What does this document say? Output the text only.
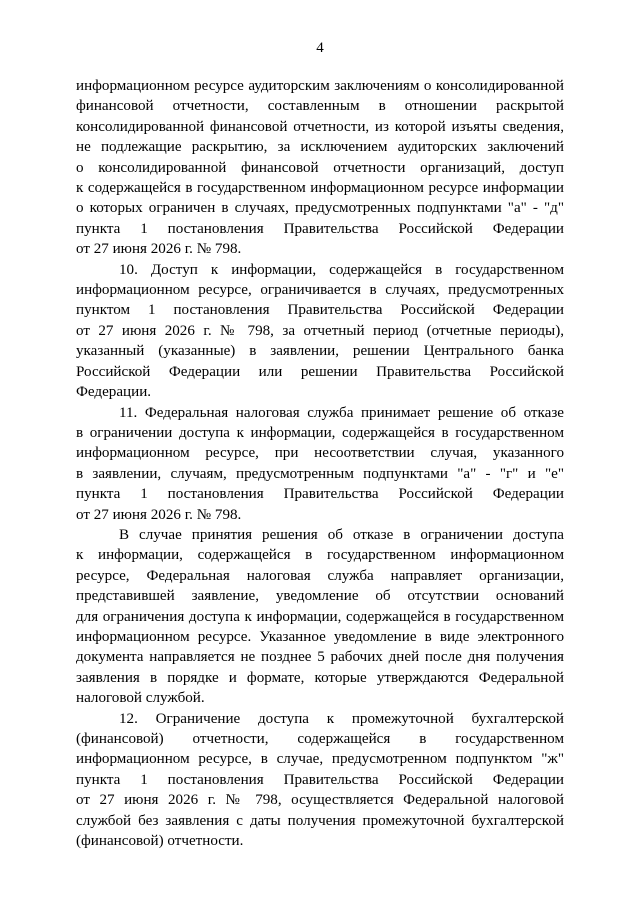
4

информационном ресурсе аудиторским заключениям о консолидированной
финансовой отчетности, составленным в отношении раскрытой
консолидированной финансовой отчетности, из которой изъяты сведения,
не подлежащие раскрытию, за исключением аудиторских заключений
о консолидированной финансовой отчетности организаций, доступ
к содержащейся в государственном информационном ресурсе информации
о которых ограничен в случаях, предусмотренных подпунктами "а" - "д"
пункта 1 постановления Правительства Российской Федерации
от 27 июня 2026 г. № 798.

10. Доступ к информации, содержащейся в государственном
информационном ресурсе, ограничивается в случаях, предусмотренных
пунктом 1 постановления Правительства Российской Федерации
от 27 июня 2026 г. № 798, за отчетный период (отчетные периоды),
указанный (указанные) в заявлении, решении Центрального банка
Российской Федерации или решении Правительства Российской
Федерации.

11. Федеральная налоговая служба принимает решение об отказе
в ограничении доступа к информации, содержащейся в государственном
информационном ресурсе, при несоответствии случая, указанного
в заявлении, случаям, предусмотренным подпунктами "а" - "г" и "е"
пункта 1 постановления Правительства Российской Федерации
от 27 июня 2026 г. № 798.

В случае принятия решения об отказе в ограничении доступа
к информации, содержащейся в государственном информационном
ресурсе, Федеральная налоговая служба направляет организации,
представившей заявление, уведомление об отсутствии оснований
для ограничения доступа к информации, содержащейся в государственном
информационном ресурсе. Указанное уведомление в виде электронного
документа направляется не позднее 5 рабочих дней после дня получения
заявления в порядке и формате, которые утверждаются Федеральной
налоговой службой.

12. Ограничение доступа к промежуточной бухгалтерской
(финансовой) отчетности, содержащейся в государственном
информационном ресурсе, в случае, предусмотренном подпунктом "ж"
пункта 1 постановления Правительства Российской Федерации
от 27 июня 2026 г. № 798, осуществляется Федеральной налоговой
службой без заявления с даты получения промежуточной бухгалтерской
(финансовой) отчетности.
